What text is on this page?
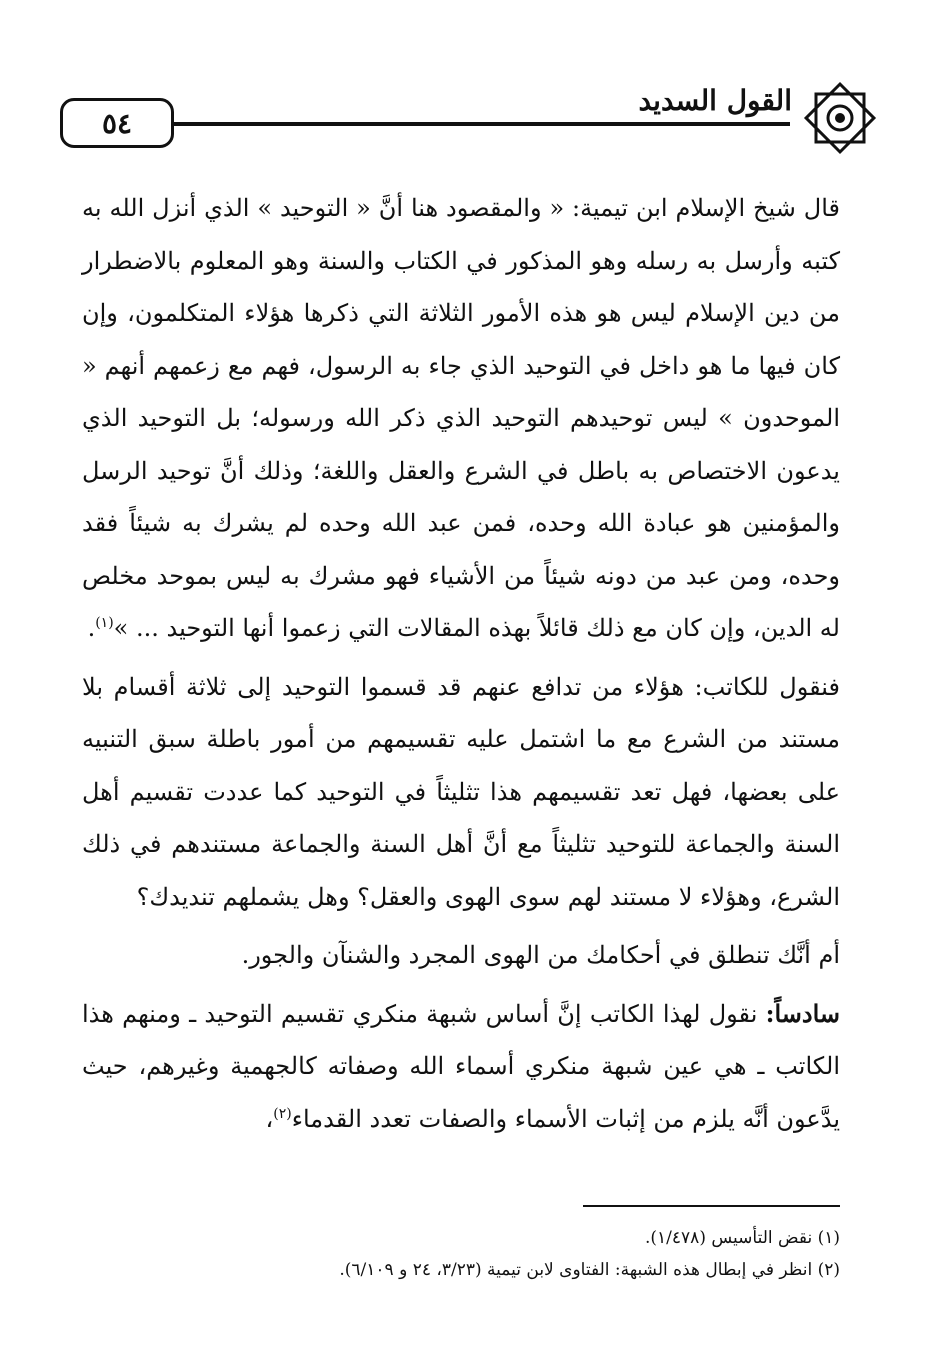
٥٤
القول السديد

قال شيخ الإسلام ابن تيمية: « والمقصود هنا أنَّ « التوحيد » الذي أنزل الله به كتبه وأرسل به رسله وهو المذكور في الكتاب والسنة وهو المعلوم بالاضطرار من دين الإسلام ليس هو هذه الأمور الثلاثة التي ذكرها هؤلاء المتكلمون، وإن كان فيها ما هو داخل في التوحيد الذي جاء به الرسول، فهم مع زعمهم أنهم « الموحدون » ليس توحيدهم التوحيد الذي ذكر الله ورسوله؛ بل التوحيد الذي يدعون الاختصاص به باطل في الشرع والعقل واللغة؛ وذلك أنَّ توحيد الرسل والمؤمنين هو عبادة الله وحده، فمن عبد الله وحده لم يشرك به شيئاً فقد وحده، ومن عبد من دونه شيئاً من الأشياء فهو مشرك به ليس بموحد مخلص له الدين، وإن كان مع ذلك قائلاً بهذه المقالات التي زعموا أنها التوحيد ... »$^{(١)}$.

فنقول للكاتب: هؤلاء من تدافع عنهم قد قسموا التوحيد إلى ثلاثة أقسام بلا مستند من الشرع مع ما اشتمل عليه تقسيمهم من أمور باطلة سبق التنبيه على بعضها، فهل تعد تقسيمهم هذا تثليثاً في التوحيد كما عددت تقسيم أهل السنة والجماعة للتوحيد تثليثاً مع أنَّ أهل السنة والجماعة مستندهم في ذلك الشرع، وهؤلاء لا مستند لهم سوى الهوى والعقل؟ وهل يشملهم تنديدك؟

أم أنَّك تنطلق في أحكامك من الهوى المجرد والشنآن والجور.

سادساً: نقول لهذا الكاتب إنَّ أساس شبهة منكري تقسيم التوحيد ـ ومنهم هذا الكاتب ـ هي عين شبهة منكري أسماء الله وصفاته كالجهمية وغيرهم، حيث يدَّعون أنَّه يلزم من إثبات الأسماء والصفات تعدد القدماء$^{(٢)}$،

(١) نقض التأسيس (١/٤٧٨).

(٢) انظر في إبطال هذه الشبهة: الفتاوى لابن تيمية (٣/٢٣، ٢٤ و ٦/١٠٩).
